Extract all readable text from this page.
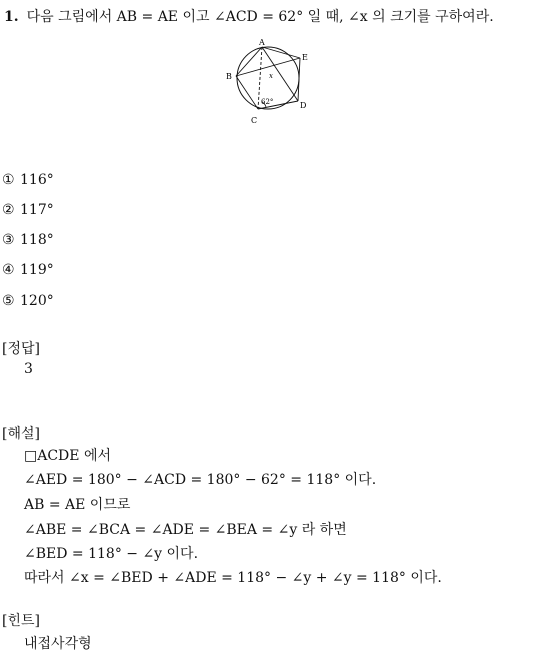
1. 다음 그림에서 AB = AE 이고 ∠ACD = 62° 일 때, ∠x 의 크기를 구하여라.
A
B
C
D
E
x
62°
① 116°
② 117°
③ 118°
④ 119°
⑤ 120°
[정답]
3
[해설]
□ACDE 에서
∠AED = 180° − ∠ACD = 180° − 62° = 118° 이다.
AB = AE 이므로
∠ABE = ∠BCA = ∠ADE = ∠BEA = ∠y 라 하면
∠BED = 118° − ∠y 이다.
따라서 ∠x = ∠BED + ∠ADE = 118° − ∠y + ∠y = 118° 이다.
[힌트]
내접사각형
